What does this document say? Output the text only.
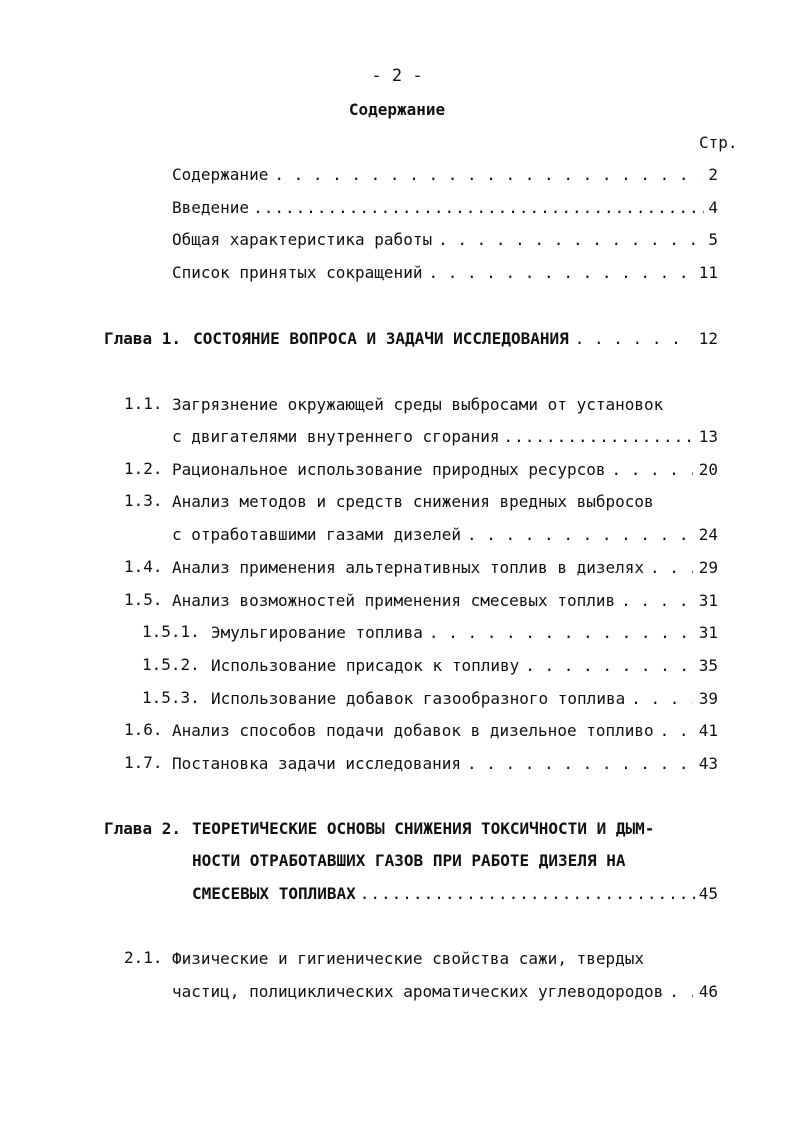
- 2 -
Содержание
Стр.
Содержание . . .	2
Введение .....	4
Общая характеристика работы . . .	5
Список принятых сокращений . . .	11
Глава 1. СОСТОЯНИЕ ВОПРОСА И ЗАДАЧИ ИССЛЕДОВАНИЯ . . .	12
1.1. Загрязнение окружающей среды выбросами от установок
с двигателями внутреннего сгорания .....	13
1.2. Рациональное использование природных ресурсов . . .	20
1.3. Анализ методов и средств снижения вредных выбросов
с отработавшими газами дизелей . . .	24
1.4. Анализ применения альтернативных топлив в дизелях . . .	29
1.5. Анализ возможностей применения смесевых топлив . . .	31
1.5.1. Эмульгирование топлива . . .	31
1.5.2. Использование присадок к топливу . . .	35
1.5.3. Использование добавок газообразного топлива . . .	39
1.6. Анализ способов подачи добавок в дизельное топливо . . .	41
1.7. Постановка задачи исследования . . .	43
Глава 2. ТЕОРЕТИЧЕСКИЕ ОСНОВЫ СНИЖЕНИЯ ТОКСИЧНОСТИ И ДЫМ-
НОСТИ ОТРАБОТАВШИХ ГАЗОВ ПРИ РАБОТЕ ДИЗЕЛЯ НА
СМЕСЕВЫХ ТОПЛИВАХ .....	45
2.1. Физические и гигиенические свойства сажи, твердых
частиц, полициклических ароматических углеводородов . . . 46
